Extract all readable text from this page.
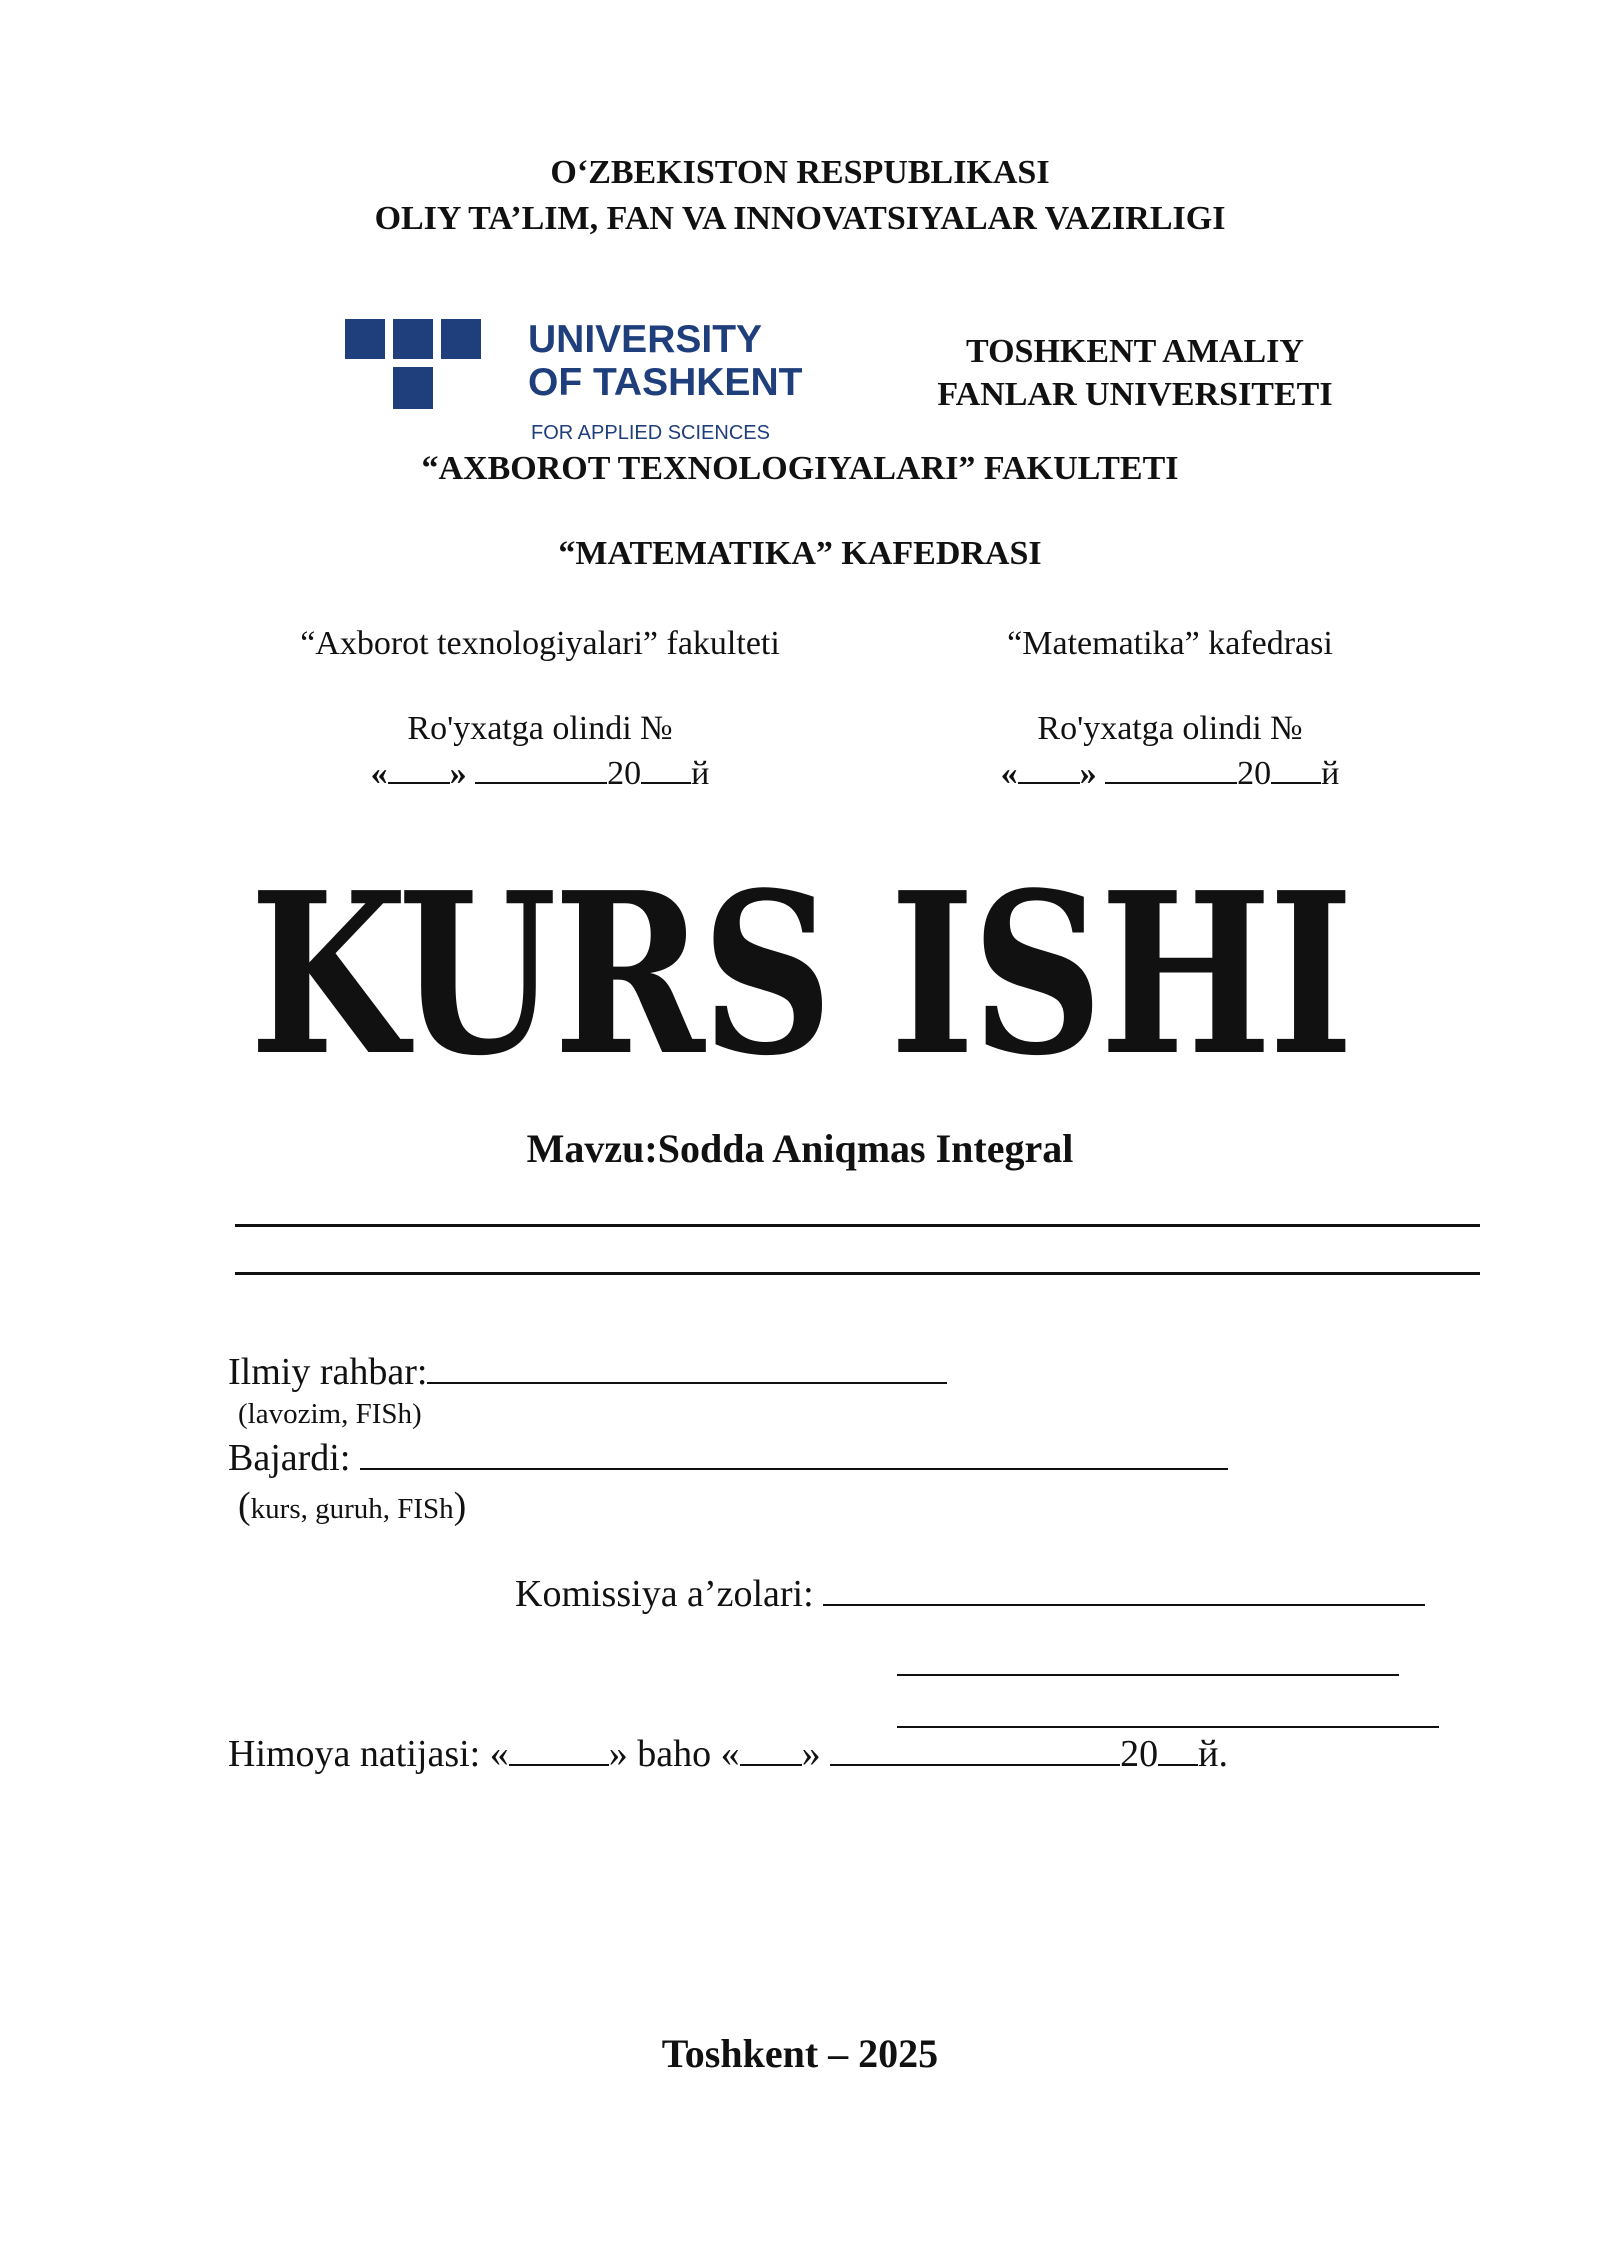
O‘ZBEKISTON RESPUBLIKASI
OLIY TA’LIM, FAN VA INNOVATSIYALAR VAZIRLIGI
UNIVERSITY
OF TASHKENT
FOR APPLIED SCIENCES
TOSHKENT AMALIY
FANLAR UNIVERSITETI
“AXBOROT TEXNOLOGIYALARI” FAKULTETI
“MATEMATIKA” KAFEDRASI
“Axborot texnologiyalari” fakulteti
Ro'yxatga olindi №
« »	20 й
“Matematika” kafedrasi
Ro'yxatga olindi №
« »	20 й
KURS ISHI
Mavzu:Sodda Aniqmas Integral
Ilmiy rahbar:
(lavozim, FISh)
Bajardi:
(kurs, guruh, FISh)
Komissiya a’zolari:
Himoya natijasi: «	» baho « »	20 й.
Toshkent – 2025
